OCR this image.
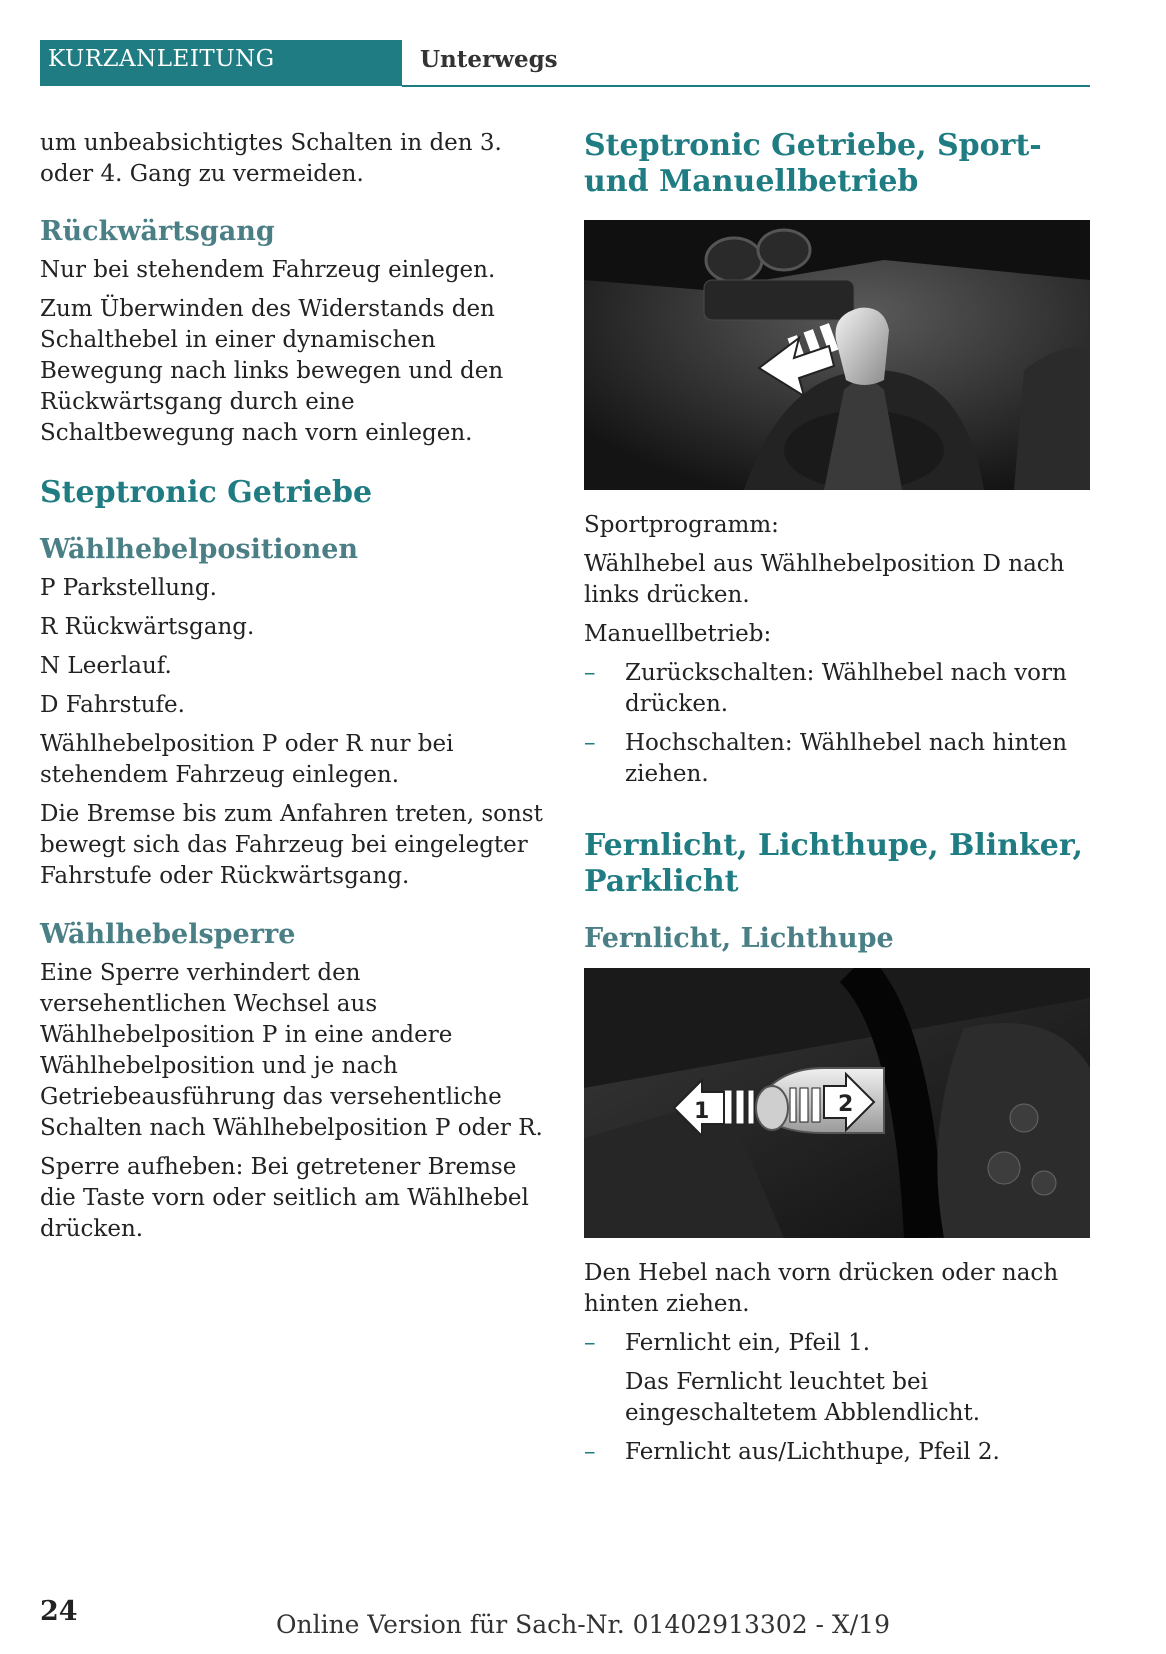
KURZANLEITUNG	Unterwegs

um unbeabsichtigtes Schalten in den 3. oder 4. Gang zu vermeiden.

Rückwärtsgang

Nur bei stehendem Fahrzeug einlegen.

Zum Überwinden des Widerstands den Schalthebel in einer dynamischen Bewegung nach links bewegen und den Rückwärtsgang durch eine Schaltbewegung nach vorn einlegen.

Steptronic Getriebe
Wählhebelpositionen

P Parkstellung.

R Rückwärtsgang.

N Leerlauf.

D Fahrstufe.

Wählhebelposition P oder R nur bei stehendem Fahrzeug einlegen.

Die Bremse bis zum Anfahren treten, sonst bewegt sich das Fahrzeug bei eingelegter Fahrstufe oder Rückwärtsgang.

Wählhebelsperre

Eine Sperre verhindert den versehentlichen Wechsel aus Wählhebelposition P in eine andere Wählhebelposition und je nach Getriebeausführung das versehentliche Schalten nach Wählhebelposition P oder R.

Sperre aufheben: Bei getretener Bremse die Taste vorn oder seitlich am Wählhebel drücken.

Steptronic Getriebe, Sport- und Manuellbetrieb

Sportprogramm:

Wählhebel aus Wählhebelposition D nach links drücken.

Manuellbetrieb:

– Zurückschalten: Wählhebel nach vorn drücken.
– Hochschalten: Wählhebel nach hinten ziehen.
Fernlicht, Lichthupe, Blinker, Parklicht
Fernlicht, Lichthupe
1	2

Den Hebel nach vorn drücken oder nach hinten ziehen.

– Fernlicht ein, Pfeil 1.

Das Fernlicht leuchtet bei eingeschaltetem Abblendlicht.

– Fernlicht aus/Lichthupe, Pfeil 2.
24	Online Version für Sach-Nr. 01402913302 - X/19
